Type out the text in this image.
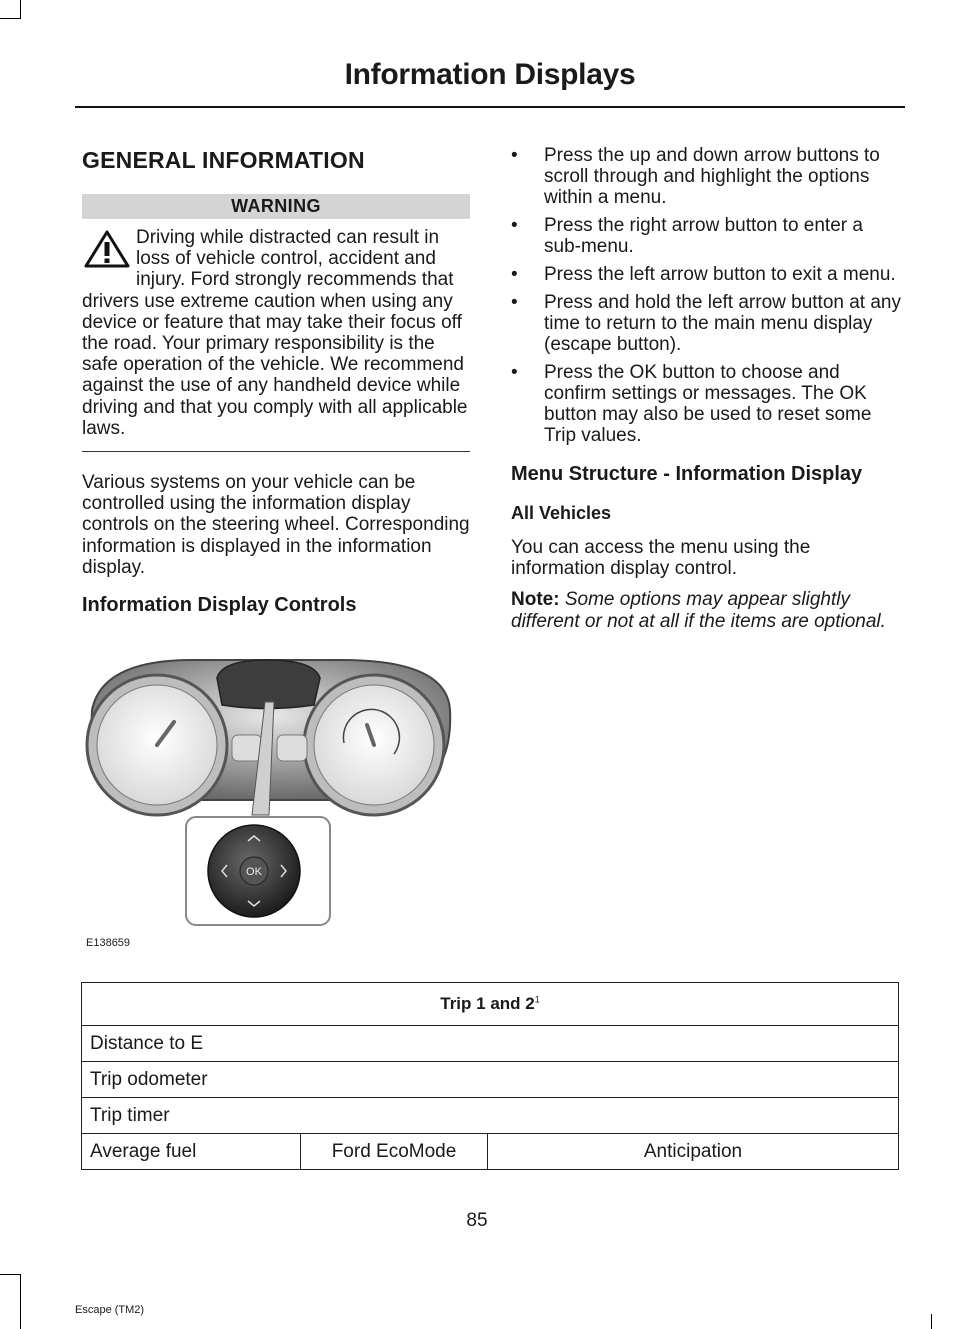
Information Displays
GENERAL INFORMATION
WARNING
Driving while distracted can result in loss of vehicle control, accident and injury. Ford strongly recommends that drivers use extreme caution when using any device or feature that may take their focus off the road. Your primary responsibility is the safe operation of the vehicle. We recommend against the use of any handheld device while driving and that you comply with all applicable laws.

Various systems on your vehicle can be controlled using the information display controls on the steering wheel. Corresponding information is displayed in the information display.

Information Display Controls
OK
E138659
• Press the up and down arrow buttons to scroll through and highlight the options within a menu.
• Press the right arrow button to enter a sub-menu.
• Press the left arrow button to exit a menu.
• Press and hold the left arrow button at any time to return to the main menu display (escape button).
• Press the OK button to choose and confirm settings or messages. The OK button may also be used to reset some Trip values.
Menu Structure - Information Display
All Vehicles

You can access the menu using the information display control.

Note: Some options may appear slightly different or not at all if the items are optional.

Trip 1 and $2^1$
Distance to E
Trip odometer
Trip timer
Average fuel	Ford EcoMode	Anticipation
85
Escape (TM2)
